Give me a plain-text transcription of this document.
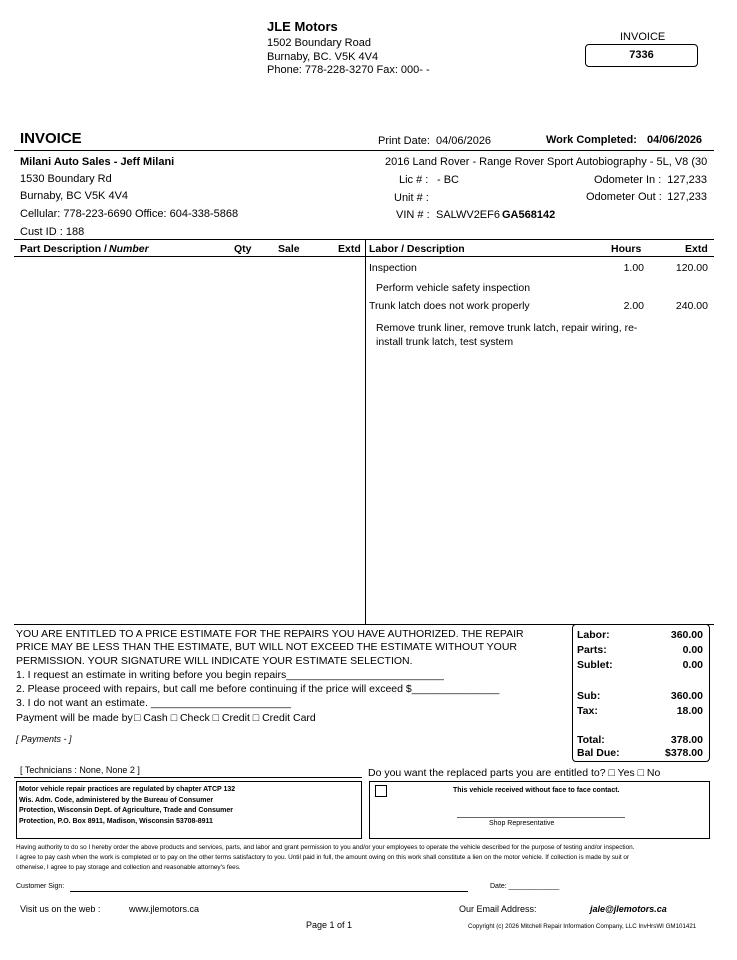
JLE Motors
1502 Boundary Road
Burnaby, BC. V5K 4V4
Phone: 778-228-3270 Fax: 000- -
INVOICE
7336
INVOICE	Print Date: 04/06/2026	Work Completed: 04/06/2026
Milani Auto Sales - Jeff Milani
1530 Boundary Rd
Burnaby, BC V5K 4V4
Cellular: 778-223-6690 Office: 604-338-5868
Cust ID : 188
2016 Land Rover - Range Rover Sport Autobiography - 5L, V8 (30
Lic # : - BC
Unit # :
VIN # : SALWV2EF6 GA568142
Odometer In : 127,233
Odometer Out : 127,233
Part Description / Number	Qty	Sale	Extd Labor / Description	Hours	Extd
Inspection	1.00	120.00
Perform vehicle safety inspection
Trunk latch does not work properly	2.00	240.00
Remove trunk liner, remove trunk latch, repair wiring, re-install trunk latch, test system
YOU ARE ENTITLED TO A PRICE ESTIMATE FOR THE REPAIRS YOU HAVE AUTHORIZED. THE REPAIR
PRICE MAY BE LESS THAN THE ESTIMATE, BUT WILL NOT EXCEED THE ESTIMATE WITHOUT YOUR
PERMISSION. YOUR SIGNATURE WILL INDICATE YOUR ESTIMATE SELECTION.
1. I request an estimate in writing before you begin repairs___________________________
2. Please proceed with repairs, but call me before continuing if the price will exceed $_______________
3. I do not want an estimate. ________________________
Payment will be made by □ Cash □ Check □ Credit □ Credit Card
[ Payments - ]
Labor:	360.00
Parts:	0.00
Sublet:	0.00
Sub:	360.00
Tax:	18.00
Total:	378.00
Bal Due:	$378.00
[ Technicians : None, None 2 ]	Do you want the replaced parts you are entitled to? □ Yes □ No
Motor vehicle repair practices are regulated by chapter ATCP 132 Wis. Adm. Code, administered by the Bureau of Consumer Protection, Wisconsin Dept. of Agriculture, Trade and Consumer Protection, P.O. Box 8911, Madison, Wisconsin 53708-8911
This vehicle received without face to face contact.
Shop Representative
Having authority to do so I hereby order the above products and services, parts, and labor and grant permission to you and/or your employees to operate the vehicle described for the purpose of testing and/or inspection. I agree to pay cash when the work is completed or to pay on the other terms satisfactory to you. Until paid in full, the amount owing on this work shall constitute a lien on the motor vehicle. If collection is made by suit or otherwise, I agree to pay storage and collection and reasonable attorney's fees.
Customer Sign:	Date: _____________
Visit us on the web :	www.jlemotors.ca	Our Email Address:	jale@jlemotors.ca
Page 1 of 1	Copyright (c) 2026 Mitchell Repair Information Company, LLC InvHrsWI GM101421
